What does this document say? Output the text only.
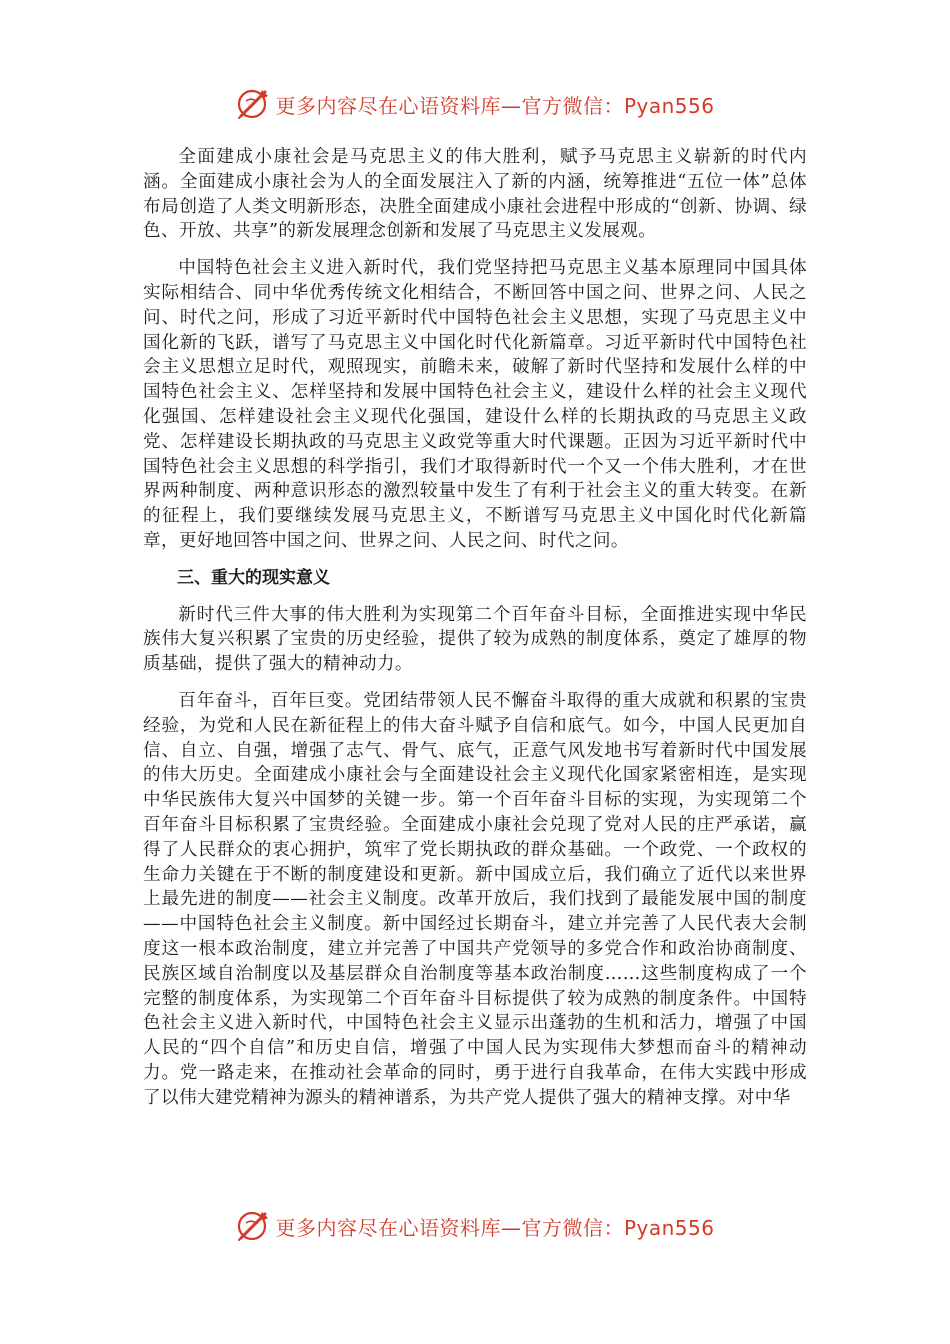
更多内容尽在心语资料库—官方微信：Pyan556

全面建成小康社会是马克思主义的伟大胜利，赋予马克思主义崭新的时代内涵。全面建成小康社会为人的全面发展注入了新的内涵，统筹推进“五位一体”总体布局创造了人类文明新形态，决胜全面建成小康社会进程中形成的“创新、协调、绿色、开放、共享”的新发展理念创新和发展了马克思主义发展观。

中国特色社会主义进入新时代，我们党坚持把马克思主义基本原理同中国具体实际相结合、同中华优秀传统文化相结合，不断回答中国之问、世界之问、人民之问、时代之问，形成了习近平新时代中国特色社会主义思想，实现了马克思主义中国化新的飞跃，谱写了马克思主义中国化时代化新篇章。习近平新时代中国特色社会主义思想立足时代，观照现实，前瞻未来，破解了新时代坚持和发展什么样的中国特色社会主义、怎样坚持和发展中国特色社会主义，建设什么样的社会主义现代化强国、怎样建设社会主义现代化强国，建设什么样的长期执政的马克思主义政党、怎样建设长期执政的马克思主义政党等重大时代课题。正因为习近平新时代中国特色社会主义思想的科学指引，我们才取得新时代一个又一个伟大胜利，才在世界两种制度、两种意识形态的激烈较量中发生了有利于社会主义的重大转变。在新的征程上，我们要继续发展马克思主义，不断谱写马克思主义中国化时代化新篇章，更好地回答中国之问、世界之问、人民之问、时代之问。

三、重大的现实意义

新时代三件大事的伟大胜利为实现第二个百年奋斗目标，全面推进实现中华民族伟大复兴积累了宝贵的历史经验，提供了较为成熟的制度体系，奠定了雄厚的物质基础，提供了强大的精神动力。

百年奋斗，百年巨变。党团结带领人民不懈奋斗取得的重大成就和积累的宝贵经验，为党和人民在新征程上的伟大奋斗赋予自信和底气。如今，中国人民更加自信、自立、自强，增强了志气、骨气、底气，正意气风发地书写着新时代中国发展的伟大历史。全面建成小康社会与全面建设社会主义现代化国家紧密相连，是实现中华民族伟大复兴中国梦的关键一步。第一个百年奋斗目标的实现，为实现第二个百年奋斗目标积累了宝贵经验。全面建成小康社会兑现了党对人民的庄严承诺，赢得了人民群众的衷心拥护，筑牢了党长期执政的群众基础。一个政党、一个政权的生命力关键在于不断的制度建设和更新。新中国成立后，我们确立了近代以来世界上最先进的制度——社会主义制度。改革开放后，我们找到了最能发展中国的制度——中国特色社会主义制度。新中国经过长期奋斗，建立并完善了人民代表大会制度这一根本政治制度，建立并完善了中国共产党领导的多党合作和政治协商制度、民族区域自治制度以及基层群众自治制度等基本政治制度……这些制度构成了一个完整的制度体系，为实现第二个百年奋斗目标提供了较为成熟的制度条件。中国特色社会主义进入新时代，中国特色社会主义显示出蓬勃的生机和活力，增强了中国人民的“四个自信”和历史自信，增强了中国人民为实现伟大梦想而奋斗的精神动力。党一路走来，在推动社会革命的同时，勇于进行自我革命，在伟大实践中形成了以伟大建党精神为源头的精神谱系，为共产党人提供了强大的精神支撑。对中华

更多内容尽在心语资料库—官方微信：Pyan556
